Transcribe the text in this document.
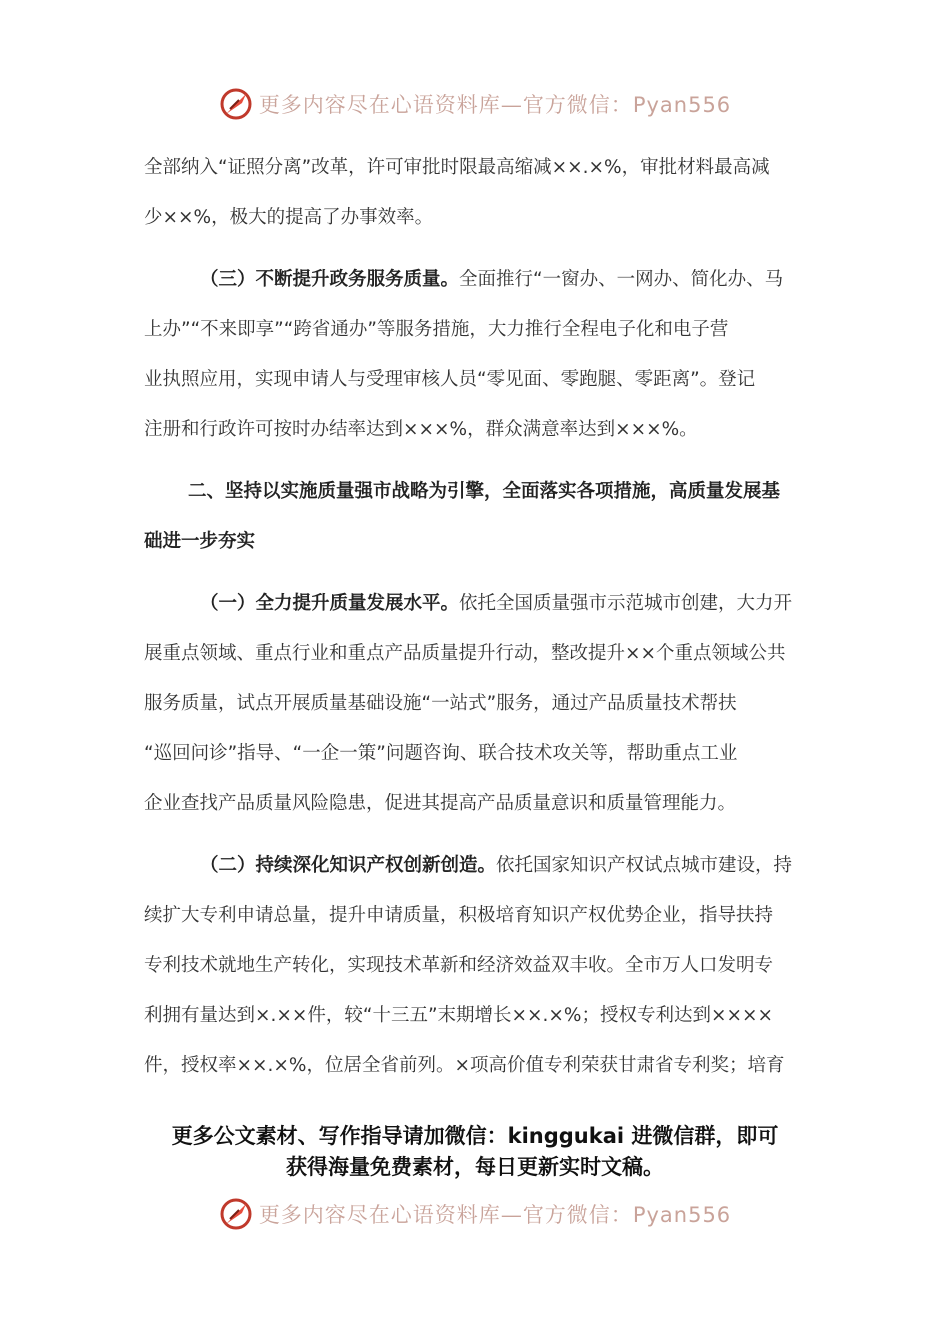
更多内容尽在心语资料库—官方微信：Pyan556
全部纳入“证照分离”改革，许可审批时限最高缩减××.×%，审批材料最高减
少××%，极大的提高了办事效率。
（三）不断提升政务服务质量。全面推行“一窗办、一网办、简化办、马
上办”“不来即享”“跨省通办”等服务措施，大力推行全程电子化和电子营
业执照应用，实现申请人与受理审核人员“零见面、零跑腿、零距离”。登记
注册和行政许可按时办结率达到×××%，群众满意率达到×××%。
二、坚持以实施质量强市战略为引擎，全面落实各项措施，高质量发展基
础进一步夯实
（一）全力提升质量发展水平。依托全国质量强市示范城市创建，大力开
展重点领域、重点行业和重点产品质量提升行动，整改提升××个重点领域公共
服务质量，试点开展质量基础设施“一站式”服务，通过产品质量技术帮扶
“巡回问诊”指导、“一企一策”问题咨询、联合技术攻关等，帮助重点工业
企业查找产品质量风险隐患，促进其提高产品质量意识和质量管理能力。
（二）持续深化知识产权创新创造。依托国家知识产权试点城市建设，持
续扩大专利申请总量，提升申请质量，积极培育知识产权优势企业，指导扶持
专利技术就地生产转化，实现技术革新和经济效益双丰收。全市万人口发明专
利拥有量达到×.××件，较“十三五”末期增长××.×%；授权专利达到××××
件，授权率××.×%，位居全省前列。×项高价值专利荣获甘肃省专利奖；培育
更多公文素材、写作指导请加微信：kinggukai 进微信群，即可
获得海量免费素材，每日更新实时文稿。
更多内容尽在心语资料库—官方微信：Pyan556
